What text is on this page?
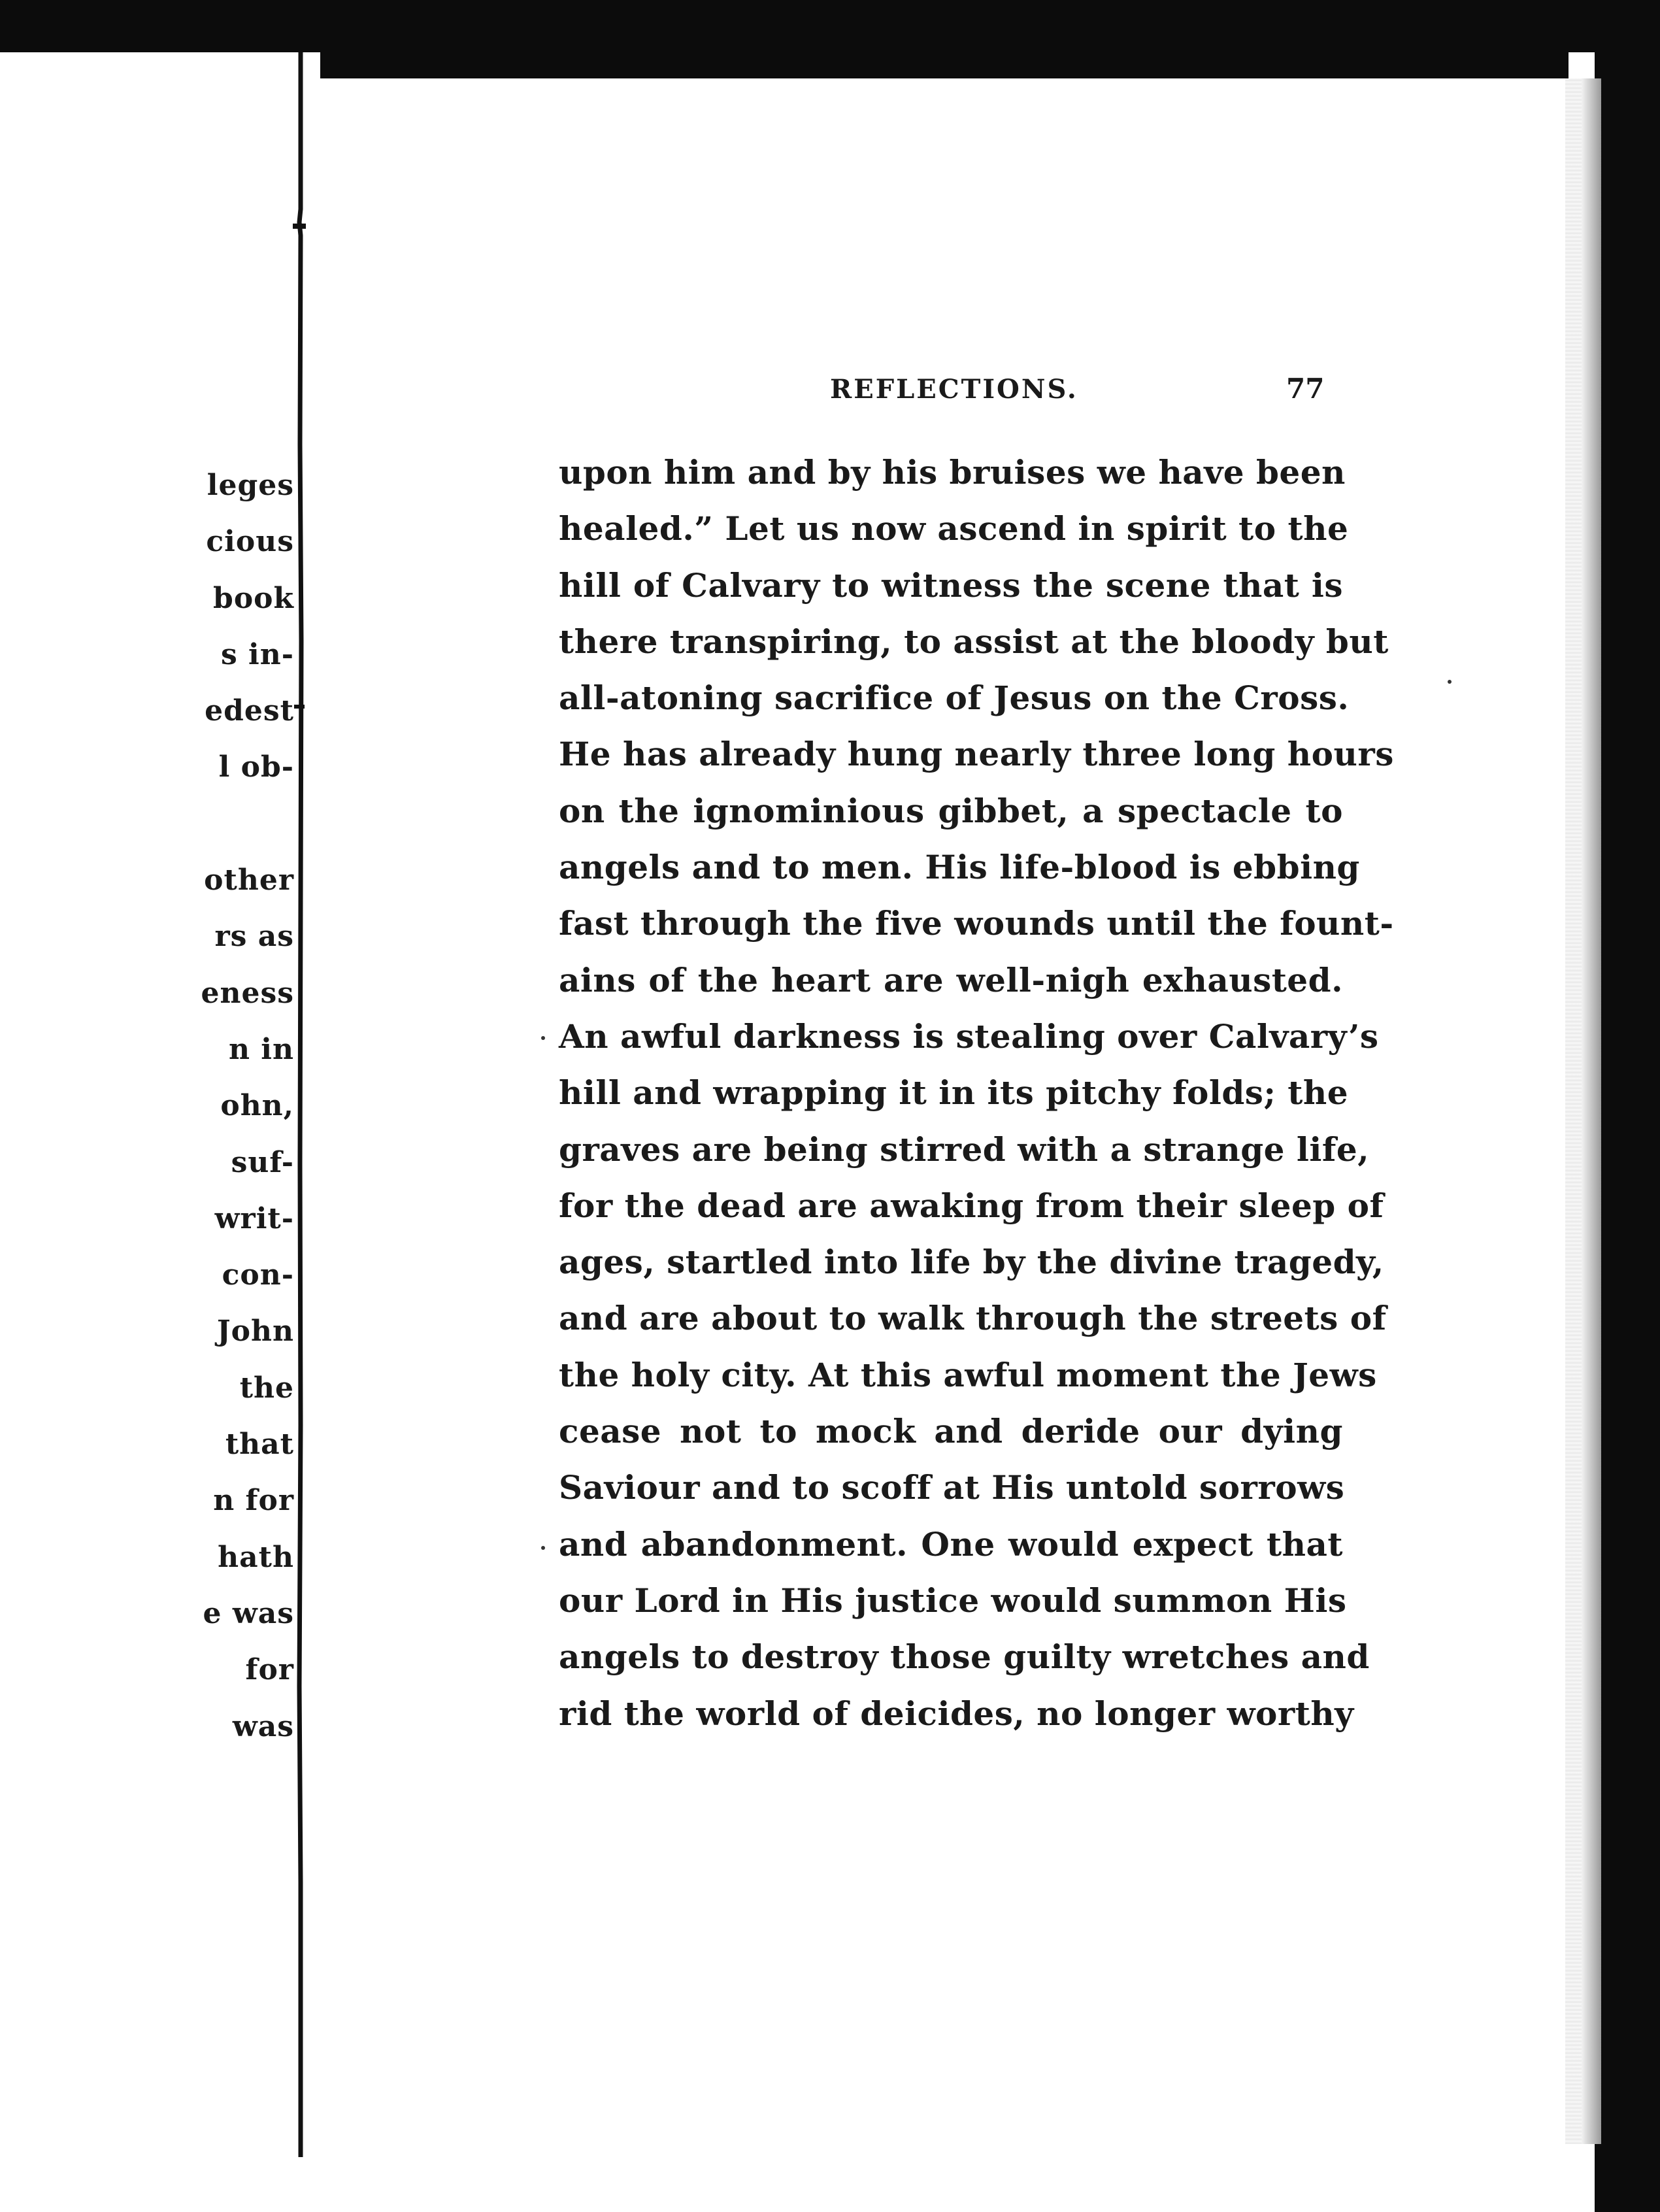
leges
cious
book
s in-
edest
l ob-

other
rs as
eness
n in
ohn,
suf-
writ-
con-
John
the
that
n for
hath
e was
for
was
REFLECTIONS.	77
upon him and by his bruises we have been
healed.” Let us now ascend in spirit to the
hill of Calvary to witness the scene that is
there transpiring, to assist at the bloody but
all-atoning sacrifice of Jesus on the Cross.
He has already hung nearly three long hours
on the ignominious gibbet, a spectacle to
angels and to men. His life-blood is ebbing
fast through the five wounds until the fount-
ains of the heart are well-nigh exhausted.
An awful darkness is stealing over Calvary’s
hill and wrapping it in its pitchy folds; the
graves are being stirred with a strange life,
for the dead are awaking from their sleep of
ages, startled into life by the divine tragedy,
and are about to walk through the streets of
the holy city. At this awful moment the Jews
cease not to mock and deride our dying
Saviour and to scoff at His untold sorrows
and abandonment. One would expect that
our Lord in His justice would summon His
angels to destroy those guilty wretches and
rid the world of deicides, no longer worthy
